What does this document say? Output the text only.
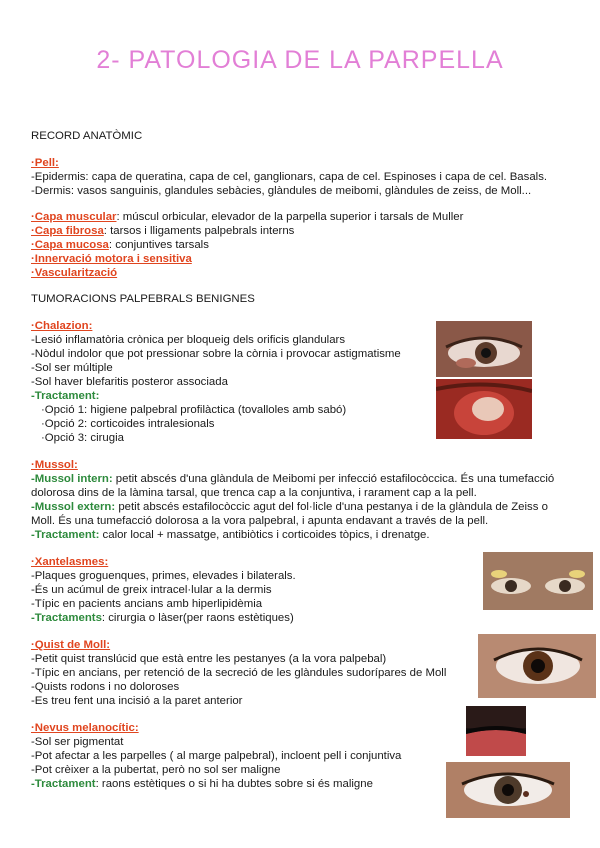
2- PATOLOGIA DE LA PARPELLA
RECORD ANATÒMIC
·Pell:
-Epidermis: capa de queratina, capa de cel, ganglionars, capa de cel. Espinoses i capa de cel. Basals.
-Dermis: vasos sanguinis, glandules sebàcies, glàndules de meibomi, glàndules de zeiss, de Moll...
·Capa muscular: múscul orbicular, elevador de la parpella superior i tarsals de Muller
·Capa fibrosa: tarsos i lligaments palpebrals interns
·Capa mucosa: conjuntives tarsals
·Innervació motora i sensitiva
·Vascularització
TUMORACIONS PALPEBRALS BENIGNES
·Chalazion:
-Lesió inflamatòria crònica per bloqueig dels orificis glandulars
-Nòdul indolor que pot pressionar sobre la còrnia i provocar astigmatisme
-Sol ser múltiple
-Sol haver blefaritis posteror associada
-Tractament:
·Opció 1: higiene palpebral profilàctica (tovalloles amb sabó)
·Opció 2: corticoides intralesionals
·Opció 3: cirugia
·Mussol:
-Mussol intern: petit abscés d'una glàndula de Meibomi per infecció estafilocòccica. És una tumefacció
dolorosa dins de la làmina tarsal, que trenca cap a la conjuntiva, i rarament cap a la pell.
-Mussol extern: petit abscés estafilocòccic agut del fol·licle d'una pestanya i de la glàndula de Zeiss o
Moll. És una tumefacció dolorosa a la vora palpebral, i apunta endavant a través de la pell.
-Tractament: calor local + massatge, antibiòtics i corticoides tòpics, i drenatge.
·Xantelasmes:
-Plaques groguenques, primes, elevades i bilaterals.
-És un acúmul de greix intracel·lular a la dermis
-Típic en pacients ancians amb hiperlipidèmia
-Tractaments: cirurgia o làser(per raons estètiques)
·Quist de Moll:
-Petit quist translúcid que està entre les pestanyes (a la vora palpebal)
-Típic en ancians, per retenció de la secreció de les glàndules sudorípares de Moll
-Quists rodons i no doloroses
-Es treu fent una incisió a la paret anterior
·Nevus melanocític:
-Sol ser pigmentat
-Pot afectar a les parpelles ( al marge palpebral), incloent pell i conjuntiva
-Pot crèixer a la pubertat, però no sol ser maligne
-Tractament: raons estètiques o si hi ha dubtes sobre si és maligne
